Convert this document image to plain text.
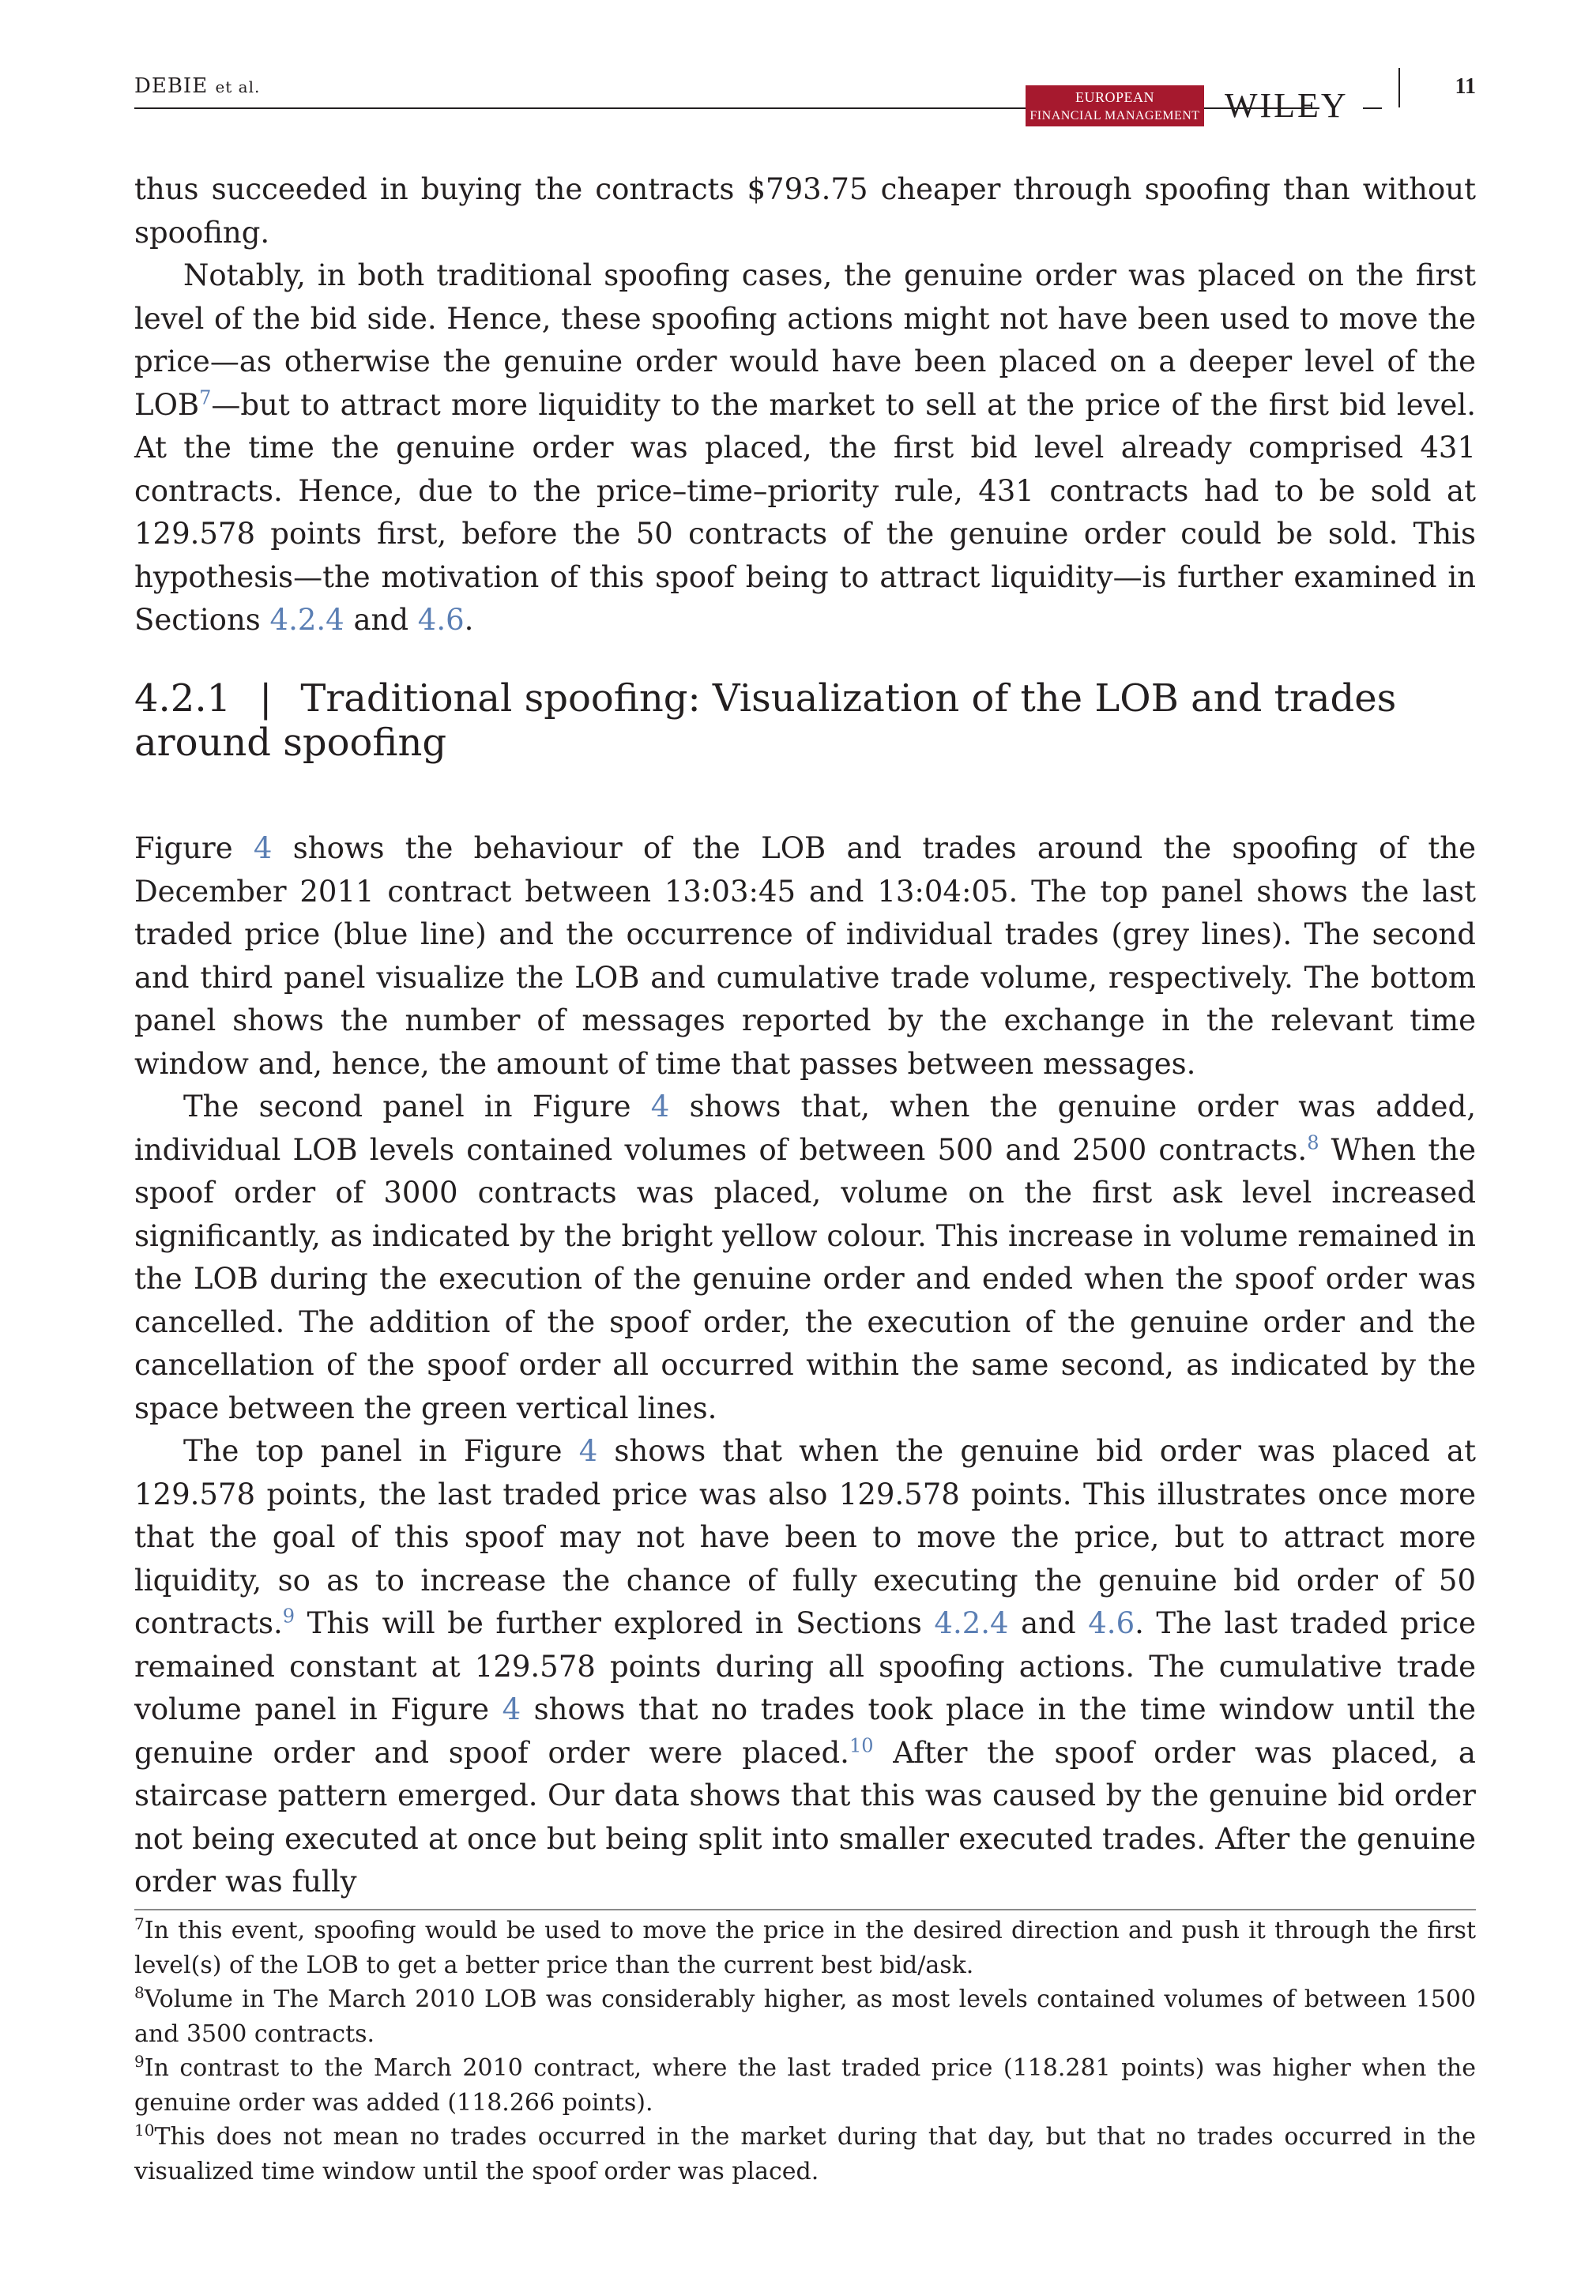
DEBIE et al.
EUROPEAN
FINANCIAL MANAGEMENT WILEY	11

thus succeeded in buying the contracts $793.75 cheaper through spoofing than without spoofing.

Notably, in both traditional spoofing cases, the genuine order was placed on the first level of the bid side. Hence, these spoofing actions might not have been used to move the price—as otherwise the genuine order would have been placed on a deeper level of the LOB$^7$—but to attract more liquidity to the market to sell at the price of the first bid level. At the time the genuine order was placed, the first bid level already comprised 431 contracts. Hence, due to the price–time–priority rule, 431 contracts had to be sold at 129.578 points first, before the 50 contracts of the genuine order could be sold. This hypothesis—the motivation of this spoof being to attract liquidity—is further examined in Sections 4.2.4 and 4.6.

4.2.1 | Traditional spoofing: Visualization of the LOB and trades around spoofing

Figure 4 shows the behaviour of the LOB and trades around the spoofing of the December 2011 contract between 13:03:45 and 13:04:05. The top panel shows the last traded price (blue line) and the occurrence of individual trades (grey lines). The second and third panel visualize the LOB and cumulative trade volume, respectively. The bottom panel shows the number of messages reported by the exchange in the relevant time window and, hence, the amount of time that passes between messages.

The second panel in Figure 4 shows that, when the genuine order was added, individual LOB levels contained volumes of between 500 and 2500 contracts.$^8$ When the spoof order of 3000 contracts was placed, volume on the first ask level increased significantly, as indicated by the bright yellow colour. This increase in volume remained in the LOB during the execution of the genuine order and ended when the spoof order was cancelled. The addition of the spoof order, the execution of the genuine order and the cancellation of the spoof order all occurred within the same second, as indicated by the space between the green vertical lines.

The top panel in Figure 4 shows that when the genuine bid order was placed at 129.578 points, the last traded price was also 129.578 points. This illustrates once more that the goal of this spoof may not have been to move the price, but to attract more liquidity, so as to increase the chance of fully executing the genuine bid order of 50 contracts.$^9$ This will be further explored in Sections 4.2.4 and 4.6. The last traded price remained constant at 129.578 points during all spoofing actions. The cumulative trade volume panel in Figure 4 shows that no trades took place in the time window until the genuine order and spoof order were placed.$^{10}$ After the spoof order was placed, a staircase pattern emerged. Our data shows that this was caused by the genuine bid order not being executed at once but being split into smaller executed trades. After the genuine order was fully

$^7$In this event, spoofing would be used to move the price in the desired direction and push it through the first level(s) of the LOB to get a better price than the current best bid/ask.

$^8$Volume in The March 2010 LOB was considerably higher, as most levels contained volumes of between 1500 and 3500 contracts.

$^9$In contrast to the March 2010 contract, where the last traded price (118.281 points) was higher when the genuine order was added (118.266 points).

$^{10}$This does not mean no trades occurred in the market during that day, but that no trades occurred in the visualized time window until the spoof order was placed.
